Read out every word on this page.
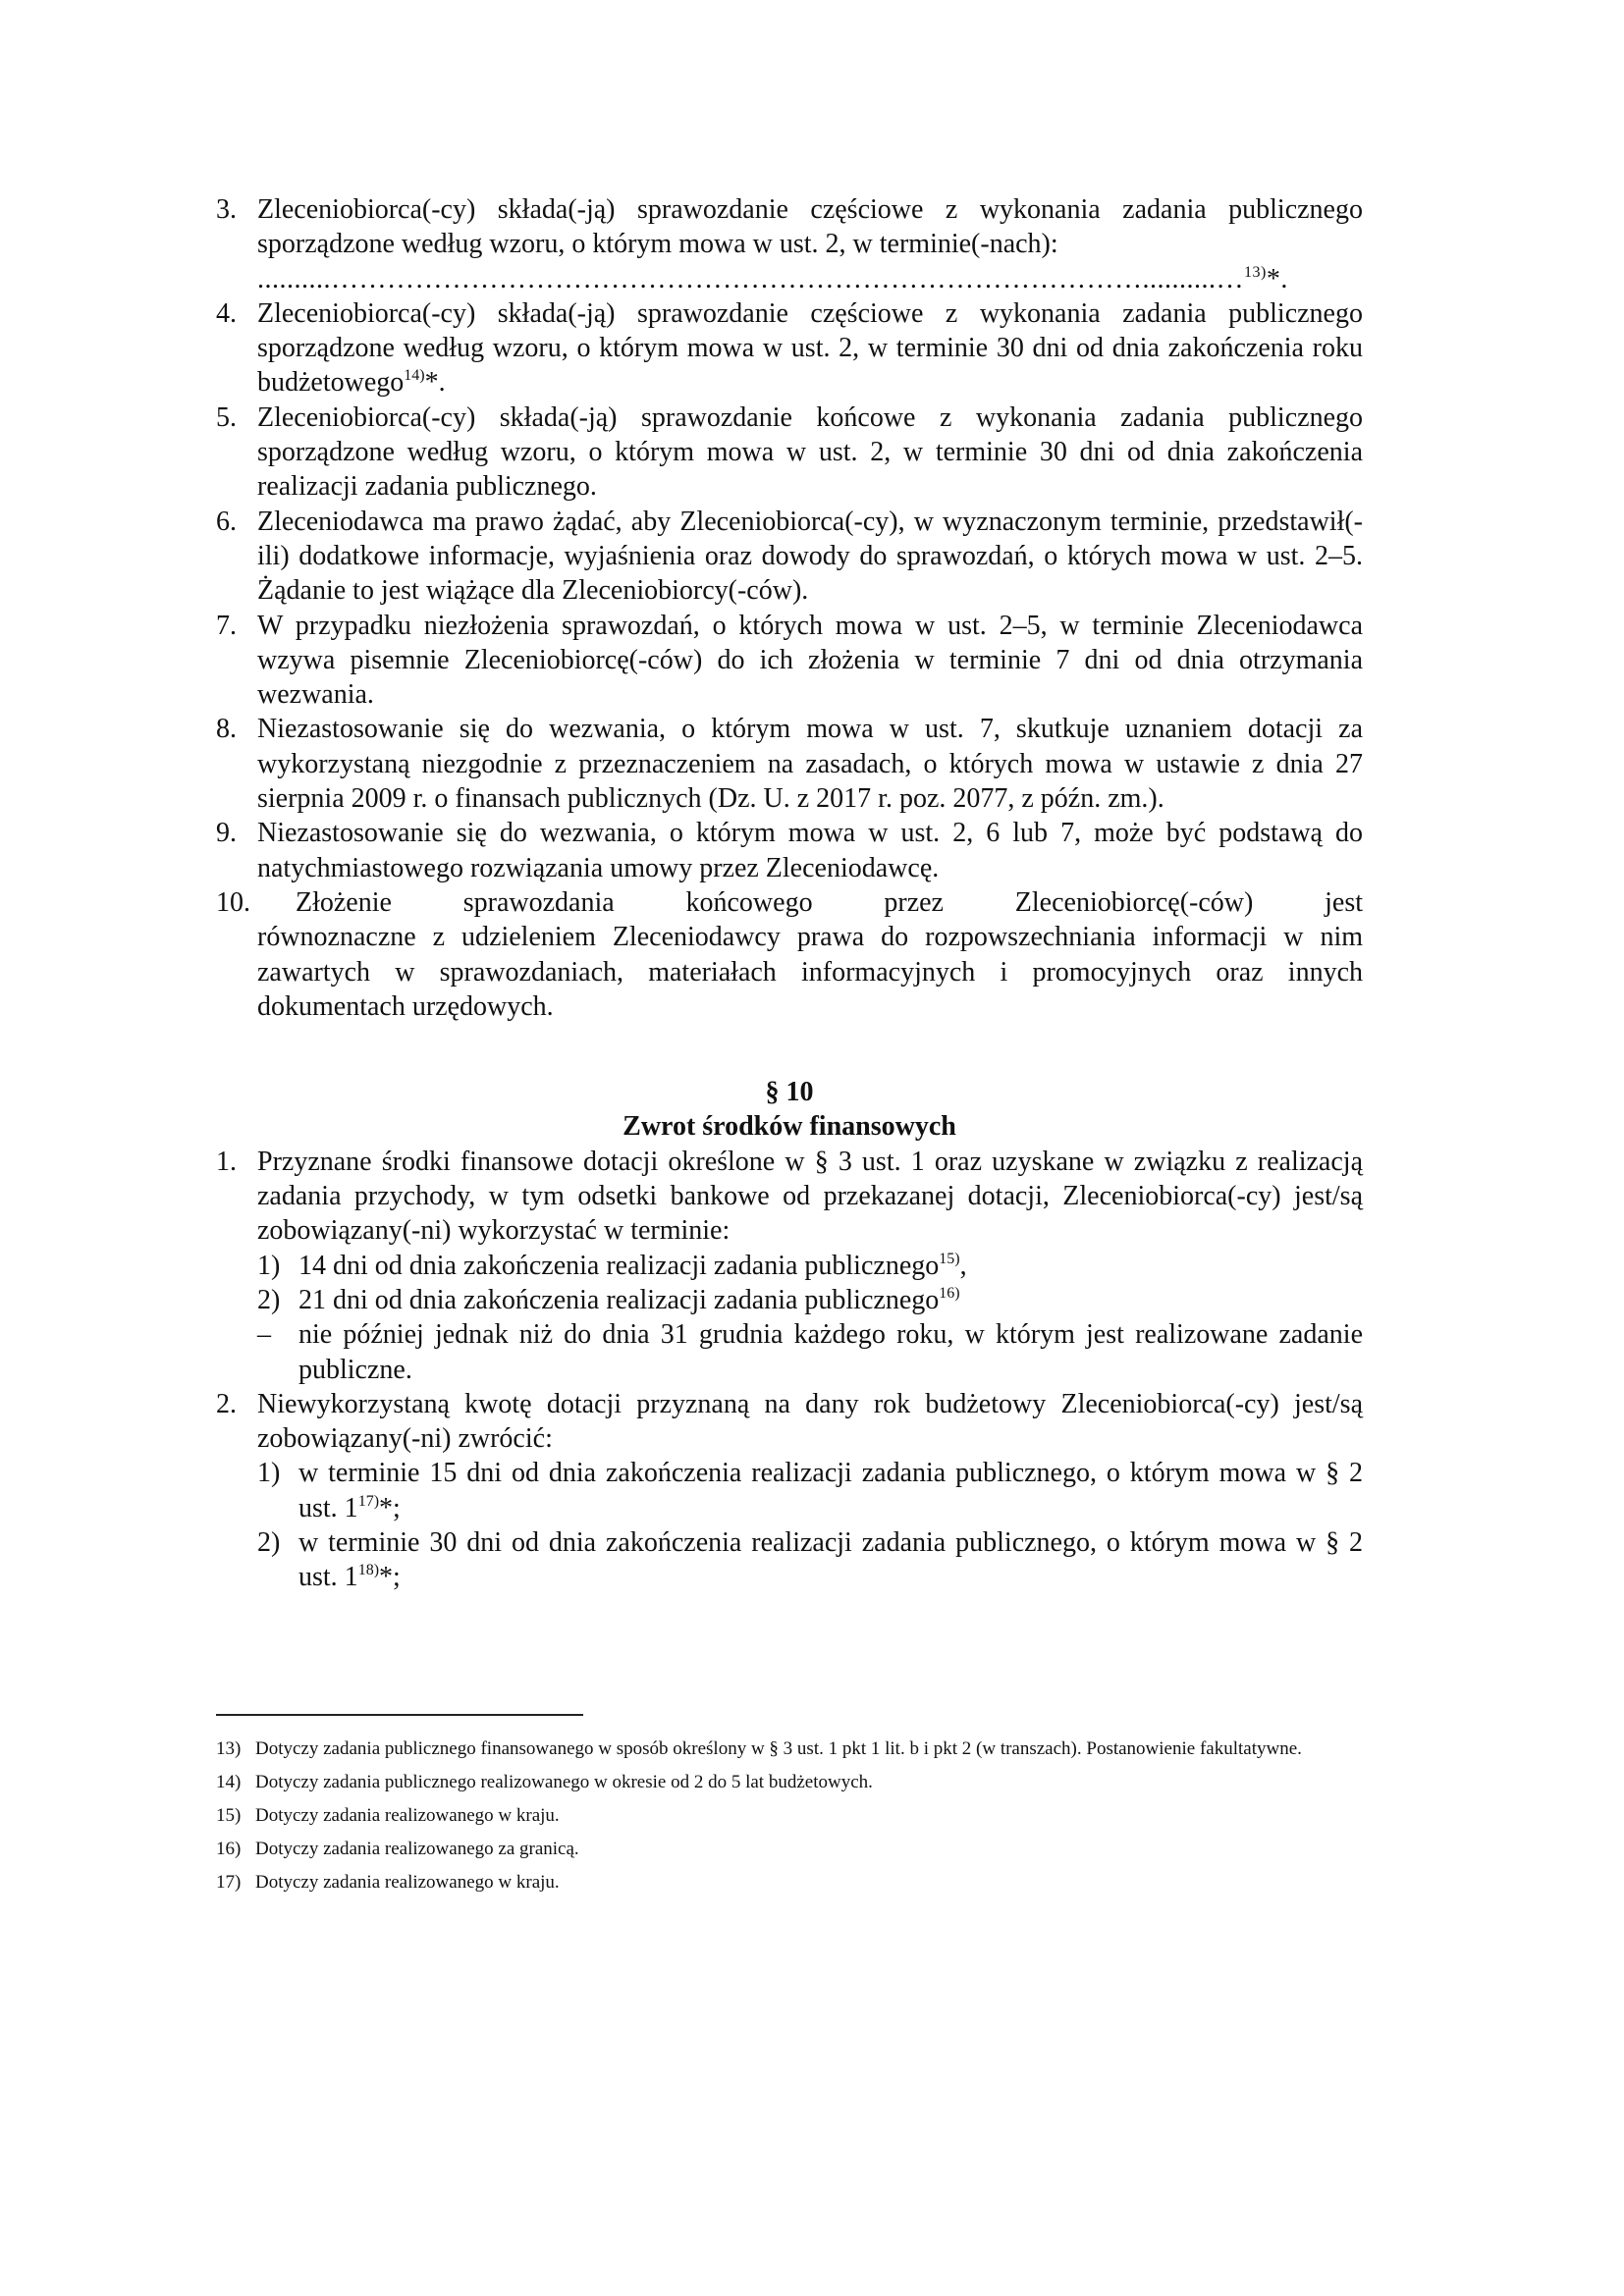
3. Zleceniobiorca(-cy) składa(-ją) sprawozdanie częściowe z wykonania zadania publicznego sporządzone według wzoru, o którym mowa w ust. 2, w terminie(-nach):
..........……………………………………………………………………………..........…$^{13)}$*.
4. Zleceniobiorca(-cy) składa(-ją) sprawozdanie częściowe z wykonania zadania publicznego sporządzone według wzoru, o którym mowa w ust. 2, w terminie 30 dni od dnia zakończenia roku budżetowego$^{14)}$*.
5. Zleceniobiorca(-cy) składa(-ją) sprawozdanie końcowe z wykonania zadania publicznego sporządzone według wzoru, o którym mowa w ust. 2, w terminie 30 dni od dnia zakończenia realizacji zadania publicznego.
6. Zleceniodawca ma prawo żądać, aby Zleceniobiorca(-cy), w wyznaczonym terminie, przedstawił(-ili) dodatkowe informacje, wyjaśnienia oraz dowody do sprawozdań, o których mowa w ust. 2–5. Żądanie to jest wiążące dla Zleceniobiorcy(-ców).
7. W przypadku niezłożenia sprawozdań, o których mowa w ust. 2–5, w terminie Zleceniodawca wzywa pisemnie Zleceniobiorcę(-ców) do ich złożenia w terminie 7 dni od dnia otrzymania wezwania.
8. Niezastosowanie się do wezwania, o którym mowa w ust. 7, skutkuje uznaniem dotacji za wykorzystaną niezgodnie z przeznaczeniem na zasadach, o których mowa w ustawie z dnia 27 sierpnia 2009 r. o finansach publicznych (Dz. U. z 2017 r. poz. 2077, z późn. zm.).
9. Niezastosowanie się do wezwania, o którym mowa w ust. 2, 6 lub 7, może być podstawą do natychmiastowego rozwiązania umowy przez Zleceniodawcę.
10. Złożenie sprawozdania końcowego przez Zleceniobiorcę(-ców) jest
równoznaczne z udzieleniem Zleceniodawcy prawa do rozpowszechniania informacji w nim zawartych w sprawozdaniach, materiałach informacyjnych i promocyjnych oraz innych dokumentach urzędowych.
§ 10
Zwrot środków finansowych
1. Przyznane środki finansowe dotacji określone w § 3 ust. 1 oraz uzyskane w związku z realizacją zadania przychody, w tym odsetki bankowe od przekazanej dotacji, Zleceniobiorca(-cy) jest/są zobowiązany(-ni) wykorzystać w terminie:
1) 14 dni od dnia zakończenia realizacji zadania publicznego$^{15)}$,
2) 21 dni od dnia zakończenia realizacji zadania publicznego$^{16)}$
– nie później jednak niż do dnia 31 grudnia każdego roku, w którym jest realizowane zadanie publiczne.
2. Niewykorzystaną kwotę dotacji przyznaną na dany rok budżetowy Zleceniobiorca(-cy) jest/są zobowiązany(-ni) zwrócić:
1) w terminie 15 dni od dnia zakończenia realizacji zadania publicznego, o którym mowa w § 2 ust. 1$^{17)}$*;
2) w terminie 30 dni od dnia zakończenia realizacji zadania publicznego, o którym mowa w § 2 ust. 1$^{18)}$*;
13) Dotyczy zadania publicznego finansowanego w sposób określony w § 3 ust. 1 pkt 1 lit. b i pkt 2 (w transzach). Postanowienie fakultatywne.
14) Dotyczy zadania publicznego realizowanego w okresie od 2 do 5 lat budżetowych.
15) Dotyczy zadania realizowanego w kraju.
16) Dotyczy zadania realizowanego za granicą.
17) Dotyczy zadania realizowanego w kraju.
